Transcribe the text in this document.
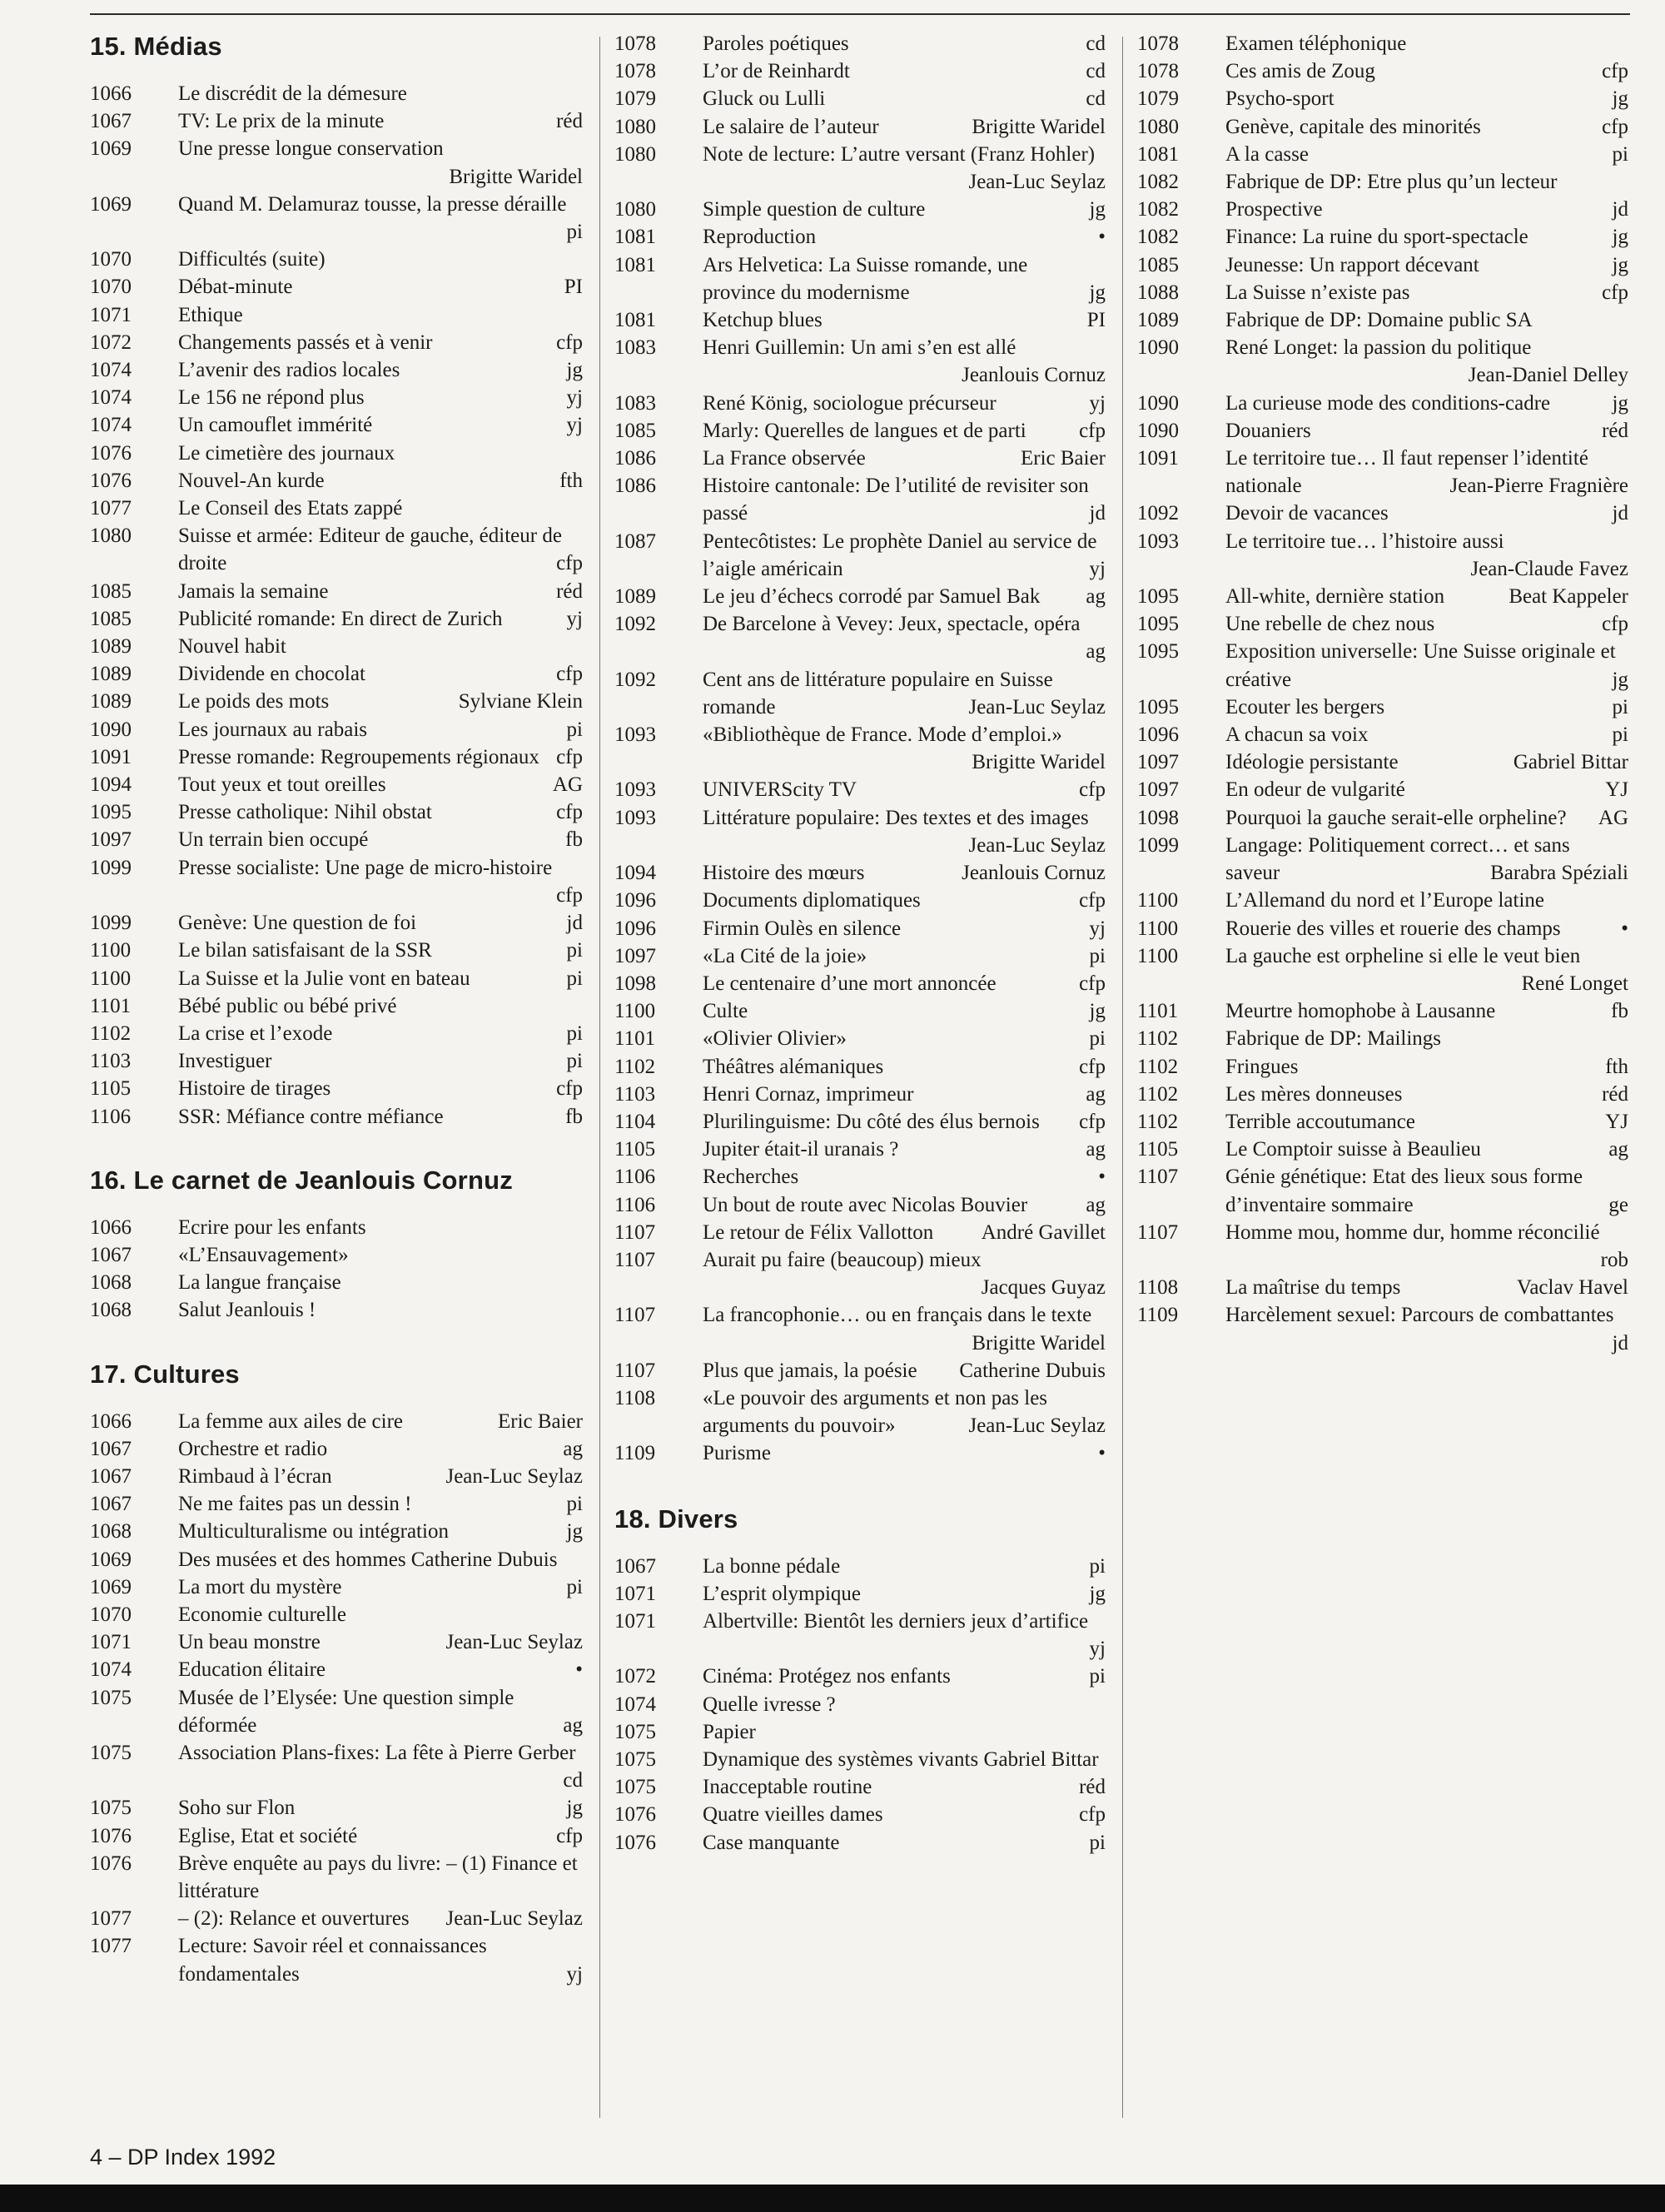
15. Médias
1066	Le discrédit de la démesure
1067	TV: Le prix de la minute	réd
1069	Une presse longue conservation
Brigitte Waridel
1069	Quand M. Delamuraz tousse, la presse déraille
pi
1070	Difficultés (suite)
1070	Débat-minute	PI
1071	Ethique
1072	Changements passés et à venir	cfp
1074	L’avenir des radios locales	jg
1074	Le 156 ne répond plus	yj
1074	Un camouflet immérité	yj
1076	Le cimetière des journaux
1076	Nouvel-An kurde	fth
1077	Le Conseil des Etats zappé
1080	Suisse et armée: Editeur de gauche, éditeur de droite	cfp
1085	Jamais la semaine	réd
1085	Publicité romande: En direct de Zurich	yj
1089	Nouvel habit
1089	Dividende en chocolat	cfp
1089	Le poids des mots	Sylviane Klein
1090	Les journaux au rabais	pi
1091	Presse romande: Regroupements régionaux cfp
1094	Tout yeux et tout oreilles	AG
1095	Presse catholique: Nihil obstat	cfp
1097	Un terrain bien occupé	fb
1099	Presse socialiste: Une page de micro-histoire
cfp
1099	Genève: Une question de foi	jd
1100	Le bilan satisfaisant de la SSR	pi
1100	La Suisse et la Julie vont en bateau	pi
1101	Bébé public ou bébé privé
1102	La crise et l’exode	pi
1103	Investiguer	pi
1105	Histoire de tirages	cfp
1106	SSR: Méfiance contre méfiance	fb
16. Le carnet de Jeanlouis Cornuz
1066	Ecrire pour les enfants
1067	«L’Ensauvagement»
1068	La langue française
1068	Salut Jeanlouis !
17. Cultures
1066	La femme aux ailes de cire	Eric Baier
1067	Orchestre et radio	ag
1067	Rimbaud à l’écran	Jean-Luc Seylaz
1067	Ne me faites pas un dessin !	pi
1068	Multiculturalisme ou intégration	jg
1069	Des musées et des hommes Catherine Dubuis
1069	La mort du mystère	pi
1070	Economie culturelle
1071	Un beau monstre	Jean-Luc Seylaz
1074	Education élitaire	•
1075	Musée de l’Elysée: Une question simple déformée	ag
1075	Association Plans-fixes: La fête à Pierre Gerber
cd
1075	Soho sur Flon	jg
1076	Eglise, Etat et société	cfp
1076	Brève enquête au pays du livre: – (1) Finance et littérature
1077	– (2): Relance et ouvertures	Jean-Luc Seylaz
1077	Lecture: Savoir réel et connaissances fondamentales	yj
1078	Paroles poétiques	cd
1078	L’or de Reinhardt	cd
1079	Gluck ou Lulli	cd
1080	Le salaire de l’auteur	Brigitte Waridel
1080	Note de lecture: L’autre versant (Franz Hohler)
Jean-Luc Seylaz
1080	Simple question de culture	jg
1081	Reproduction	•
1081	Ars Helvetica: La Suisse romande, une province du modernisme	jg
1081	Ketchup blues	PI
1083	Henri Guillemin: Un ami s’en est allé
Jeanlouis Cornuz
1083	René König, sociologue précurseur	yj
1085	Marly: Querelles de langues et de parti	cfp
1086	La France observée	Eric Baier
1086	Histoire cantonale: De l’utilité de revisiter son passé	jd
1087	Pentecôtistes: Le prophète Daniel au service de l’aigle américain	yj
1089	Le jeu d’échecs corrodé par Samuel Bak	ag
1092	De Barcelone à Vevey: Jeux, spectacle, opéra
ag
1092	Cent ans de littérature populaire en Suisse romande	Jean-Luc Seylaz
1093	«Bibliothèque de France. Mode d’emploi.»
Brigitte Waridel
1093	UNIVERScity TV	cfp
1093	Littérature populaire: Des textes et des images
Jean-Luc Seylaz
1094	Histoire des mœurs	Jeanlouis Cornuz
1096	Documents diplomatiques	cfp
1096	Firmin Oulès en silence	yj
1097	«La Cité de la joie»	pi
1098	Le centenaire d’une mort annoncée	cfp
1100	Culte	jg
1101	«Olivier Olivier»	pi
1102	Théâtres alémaniques	cfp
1103	Henri Cornaz, imprimeur	ag
1104	Plurilinguisme: Du côté des élus bernois	cfp
1105	Jupiter était-il uranais ?	ag
1106	Recherches	•
1106	Un bout de route avec Nicolas Bouvier	ag
1107	Le retour de Félix Vallotton	André Gavillet
1107	Aurait pu faire (beaucoup) mieux
Jacques Guyaz
1107	La francophonie… ou en français dans le texte
Brigitte Waridel
1107	Plus que jamais, la poésie	Catherine Dubuis
1108	«Le pouvoir des arguments et non pas les arguments du pouvoir»	Jean-Luc Seylaz
1109	Purisme	•
18. Divers
1067	La bonne pédale	pi
1071	L’esprit olympique	jg
1071	Albertville: Bientôt les derniers jeux d’artifice
yj
1072	Cinéma: Protégez nos enfants	pi
1074	Quelle ivresse ?
1075	Papier
1075	Dynamique des systèmes vivants Gabriel Bittar
1075	Inacceptable routine	réd
1076	Quatre vieilles dames	cfp
1076	Case manquante	pi
1078	Examen téléphonique
1078	Ces amis de Zoug	cfp
1079	Psycho-sport	jg
1080	Genève, capitale des minorités	cfp
1081	A la casse	pi
1082	Fabrique de DP: Etre plus qu’un lecteur
1082	Prospective	jd
1082	Finance: La ruine du sport-spectacle	jg
1085	Jeunesse: Un rapport décevant	jg
1088	La Suisse n’existe pas	cfp
1089	Fabrique de DP: Domaine public SA
1090	René Longet: la passion du politique
Jean-Daniel Delley
1090	La curieuse mode des conditions-cadre	jg
1090	Douaniers	réd
1091	Le territoire tue… Il faut repenser l’identité nationale	Jean-Pierre Fragnière
1092	Devoir de vacances	jd
1093	Le territoire tue… l’histoire aussi
Jean-Claude Favez
1095	All-white, dernière station	Beat Kappeler
1095	Une rebelle de chez nous	cfp
1095	Exposition universelle: Une Suisse originale et créative	jg
1095	Ecouter les bergers	pi
1096	A chacun sa voix	pi
1097	Idéologie persistante	Gabriel Bittar
1097	En odeur de vulgarité	YJ
1098	Pourquoi la gauche serait-elle orpheline?	AG
1099	Langage: Politiquement correct… et sans saveur	Barabra Spéziali
1100	L’Allemand du nord et l’Europe latine
1100	Rouerie des villes et rouerie des champs	•
1100	La gauche est orpheline si elle le veut bien
René Longet
1101	Meurtre homophobe à Lausanne	fb
1102	Fabrique de DP: Mailings
1102	Fringues	fth
1102	Les mères donneuses	réd
1102	Terrible accoutumance	YJ
1105	Le Comptoir suisse à Beaulieu	ag
1107	Génie génétique: Etat des lieux sous forme d’inventaire sommaire	ge
1107	Homme mou, homme dur, homme réconcilié
rob
1108	La maîtrise du temps	Vaclav Havel
1109	Harcèlement sexuel: Parcours de combattantes
jd
4 – DP Index 1992
